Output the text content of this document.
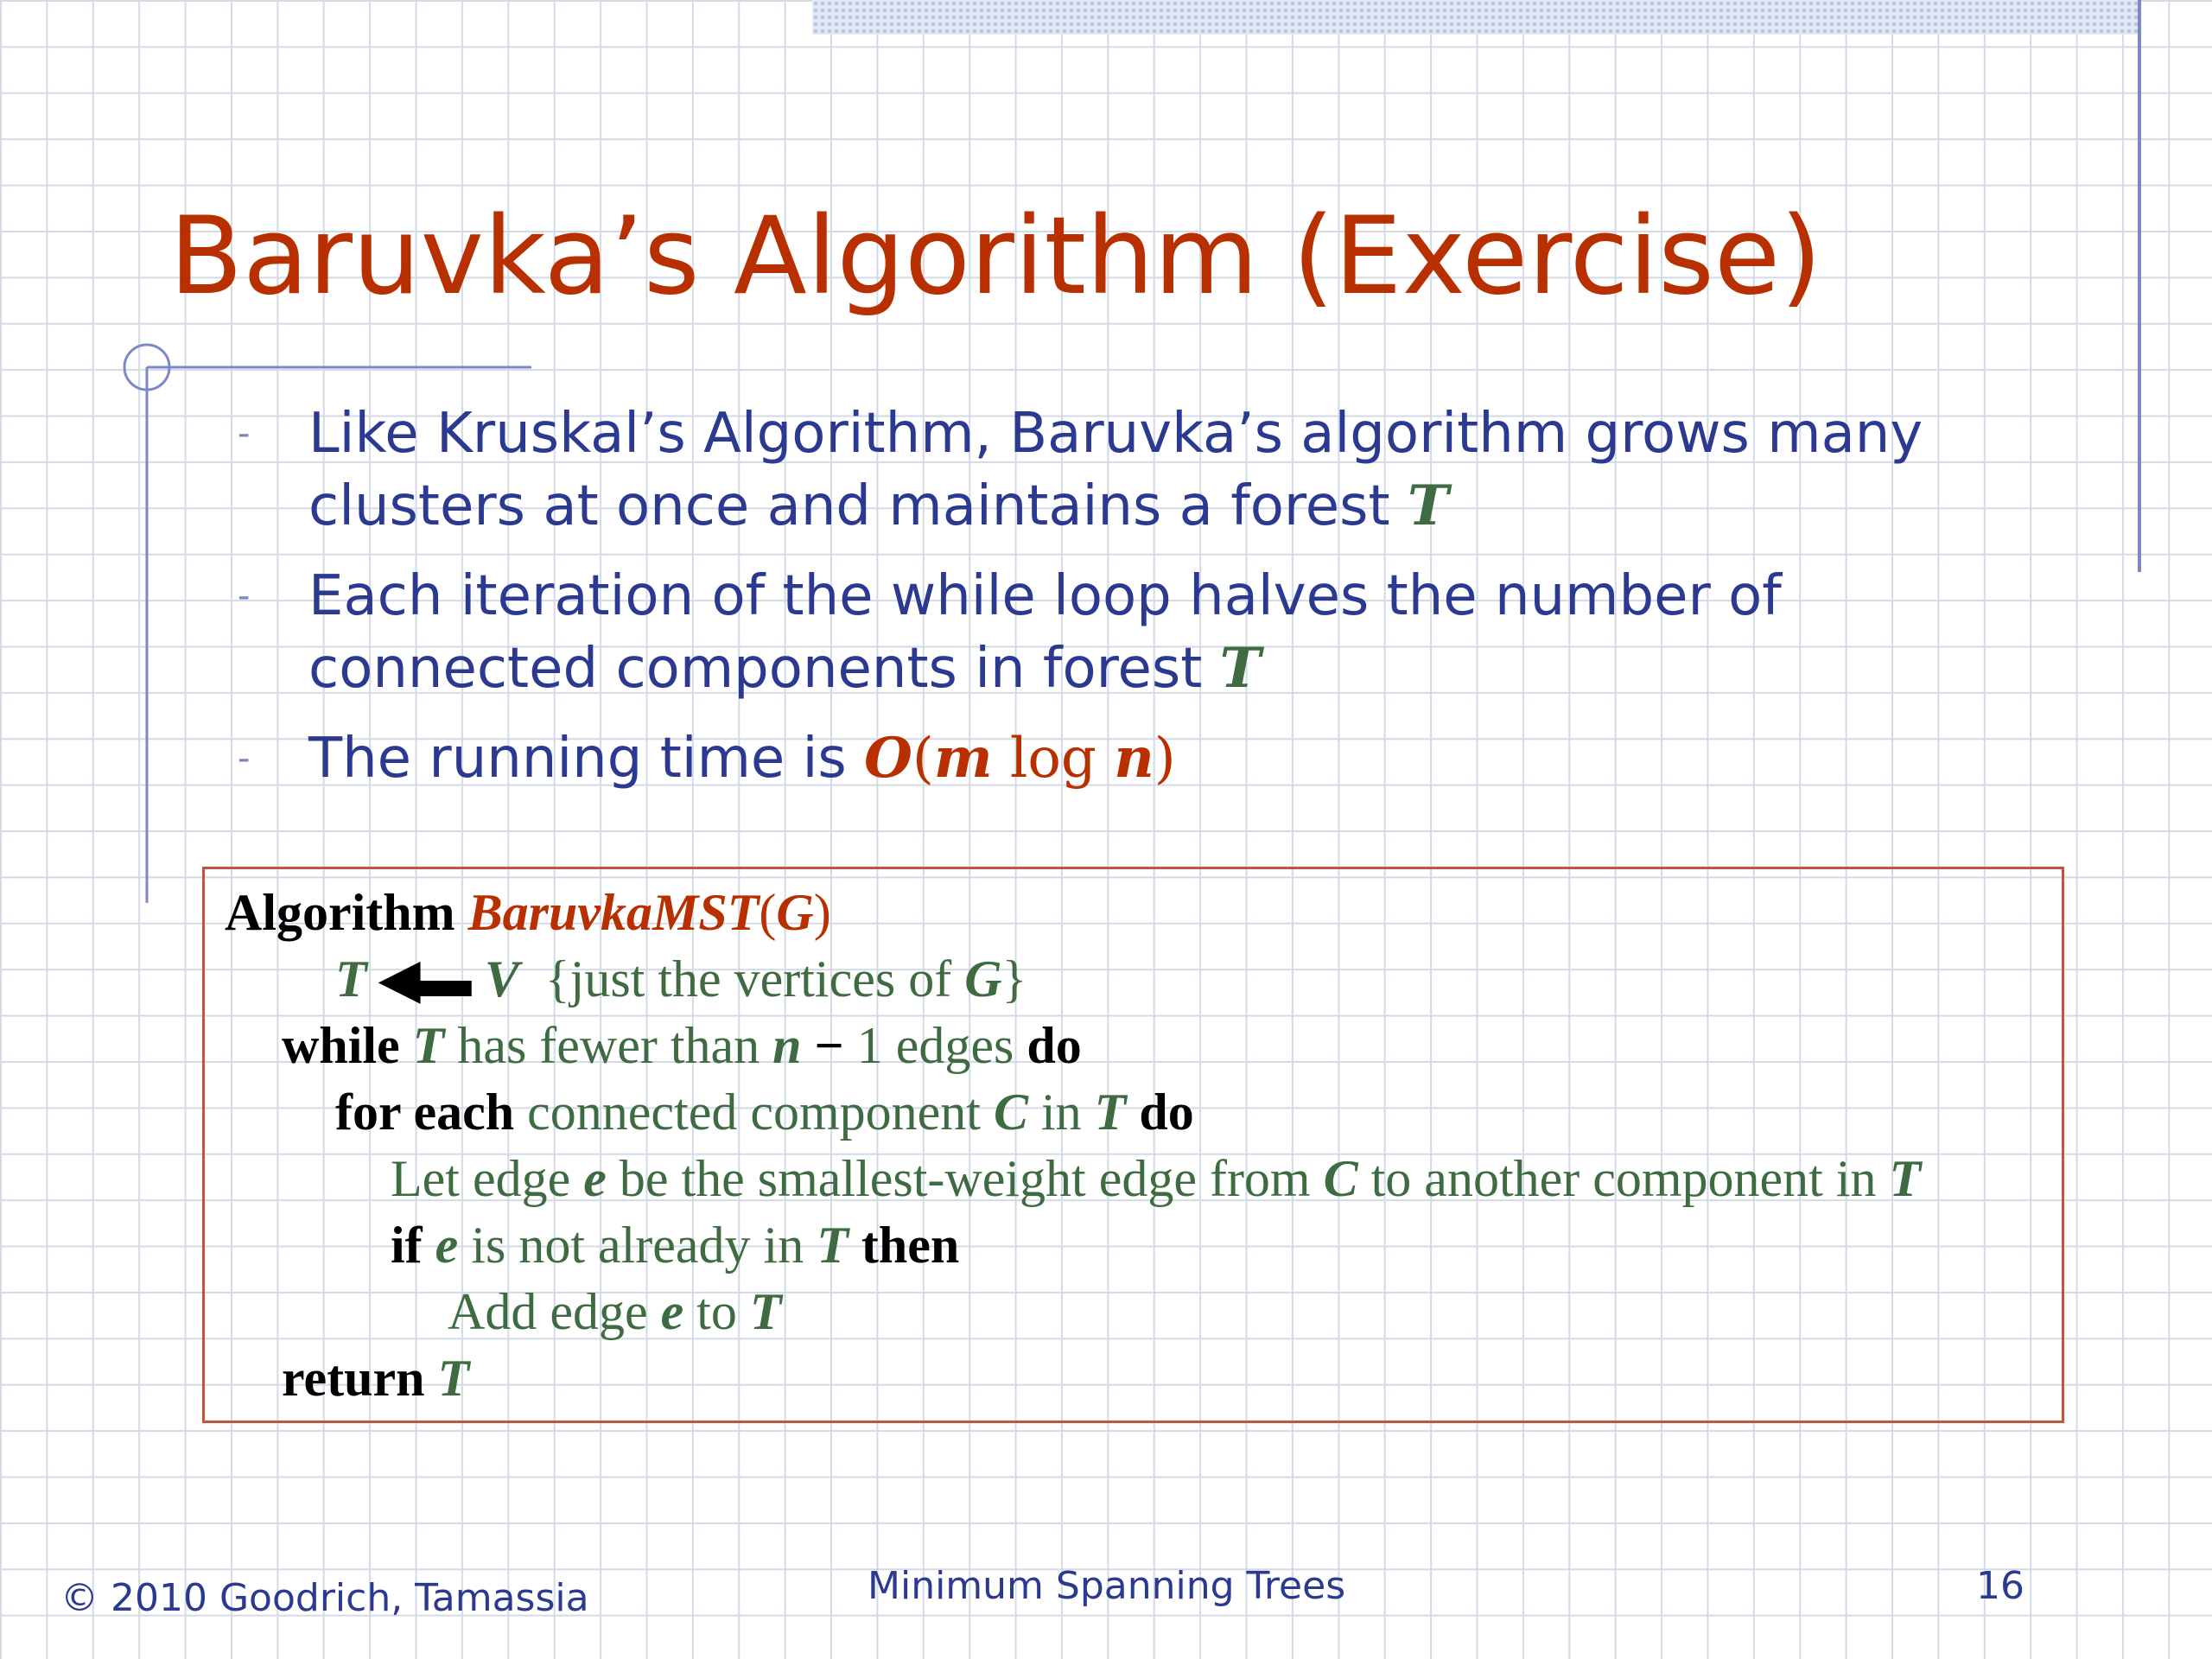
Baruvka’s Algorithm (Exercise)
- Like Kruskal’s Algorithm, Baruvka’s algorithm grows many
clusters at once and maintains a forest T
- Each iteration of the while loop halves the number of
connected components in forest T
- The running time is O(m log n)
Algorithm BaruvkaMST(G)
T ◀▬ V {just the vertices of G}
while T has fewer than n − 1 edges do
for each connected component C in T do
Let edge e be the smallest-weight edge from C to another component in T
if e is not already in T then
Add edge e to T
return T
© 2010 Goodrich, Tamassia	Minimum Spanning Trees	16
